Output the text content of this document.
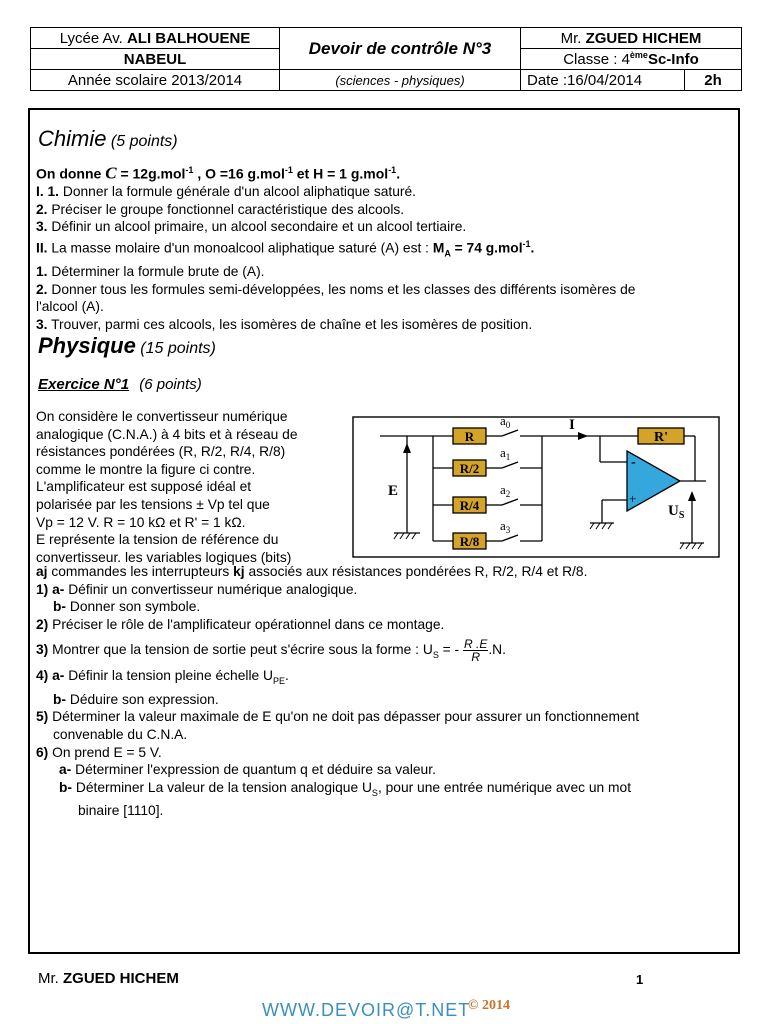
Lycée Av. ALI BALHOUENE	Devoir de contrôle N°3	Mr. ZGUED HICHEM	
NABEUL		Classe : 4èmeSc-Info	
Année scolaire 2013/2014	(sciences - physiques)	Date :16/04/2014	2h
Chimie (5 points)
On donne C = 12g.mol$^{-1}$ , O =16 g.mol$^{-1}$ et H = 1 g.mol$^{-1}$.
I. 1. Donner la formule générale d'un alcool aliphatique saturé.
2. Préciser le groupe fonctionnel caractéristique des alcools.
3. Définir un alcool primaire, un alcool secondaire et un alcool tertiaire.
II. La masse molaire d'un monoalcool aliphatique saturé (A) est : $M_A = 74$ g.mol$^{-1}$.
1. Déterminer la formule brute de (A).
2. Donner tous les formules semi-développées, les noms et les classes des différents isomères de
l'alcool (A).
3. Trouver, parmi ces alcools, les isomères de chaîne et les isomères de position.
Physique (15 points)
Exercice N°1 (6 points)
On considère le convertisseur numérique
analogique (C.N.A.) à 4 bits et à réseau de
résistances pondérées (R, R/2, R/4, R/8)
comme le montre la figure ci contre.
L'amplificateur est supposé idéal et
polarisée par les tensions ± Vp tel que
Vp = 12 V. R = 10 kΩ et R' = 1 kΩ.
E représente la tension de référence du
convertisseur. les variables logiques (bits)
aj commandes les interrupteurs kj associés aux résistances pondérées R, R/2, R/4 et R/8.
1) a- Définir un convertisseur numérique analogique.
b- Donner son symbole.
2) Préciser le rôle de l'amplificateur opérationnel dans ce montage.
3) Montrer que la tension de sortie peut s'écrire sous la forme : $U_S$ = - $\frac{R .E}{R} .N$.
4) a- Définir la tension pleine échelle $U_{PE}$.
b- Déduire son expression.
5) Déterminer la valeur maximale de E qu'on ne doit pas dépasser pour assurer un fonctionnement
convenable du C.N.A.
6) On prend E = 5 V.
a- Déterminer l'expression de quantum q et déduire sa valeur.
b- Déterminer La valeur de la tension analogique $U_S$, pour une entrée numérique avec un mot
binaire [1110].
E
R
$a_0$
R/2
$a_1$
R/4
$a_2$
R/8
$a_3$
I
R'
-
+
$U_S$
Mr. ZGUED HICHEM	1
WWW.DEVOIR@T.NET
© 2014
